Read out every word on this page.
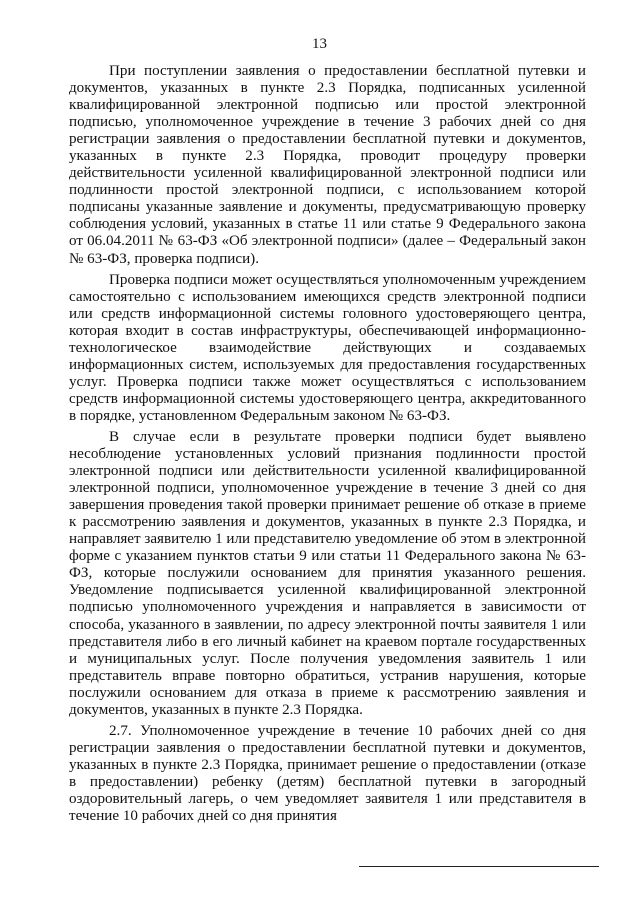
13

При поступлении заявления о предоставлении бесплатной путевки и документов, указанных в пункте 2.3 Порядка, подписанных усиленной квалифицированной электронной подписью или простой электронной подписью, уполномоченное учреждение в течение 3 рабочих дней со дня регистрации заявления о предоставлении бесплатной путевки и документов, указанных в пункте 2.3 Порядка, проводит процедуру проверки действительности усиленной квалифицированной электронной подписи или подлинности простой электронной подписи, с использованием которой подписаны указанные заявление и документы, предусматривающую проверку соблюдения условий, указанных в статье 11 или статье 9 Федерального закона от 06.04.2011 № 63-ФЗ «Об электронной подписи» (далее – Федеральный закон № 63-ФЗ, проверка подписи).

Проверка подписи может осуществляться уполномоченным учреждением самостоятельно с использованием имеющихся средств электронной подписи или средств информационной системы головного удостоверяющего центра, которая входит в состав инфраструктуры, обеспечивающей информационно-технологическое взаимодействие действующих и создаваемых информационных систем, используемых для предоставления государственных услуг. Проверка подписи также может осуществляться с использованием средств информационной системы удостоверяющего центра, аккредитованного в порядке, установленном Федеральным законом № 63-ФЗ.

В случае если в результате проверки подписи будет выявлено несоблюдение установленных условий признания подлинности простой электронной подписи или действительности усиленной квалифицированной электронной подписи, уполномоченное учреждение в течение 3 дней со дня завершения проведения такой проверки принимает решение об отказе в приеме к рассмотрению заявления и документов, указанных в пункте 2.3 Порядка, и направляет заявителю 1 или представителю уведомление об этом в электронной форме с указанием пунктов статьи 9 или статьи 11 Федерального закона № 63-ФЗ, которые послужили основанием для принятия указанного решения. Уведомление подписывается усиленной квалифицированной электронной подписью уполномоченного учреждения и направляется в зависимости от способа, указанного в заявлении, по адресу электронной почты заявителя 1 или представителя либо в его личный кабинет на краевом портале государственных и муниципальных услуг. После получения уведомления заявитель 1 или представитель вправе повторно обратиться, устранив нарушения, которые послужили основанием для отказа в приеме к рассмотрению заявления и документов, указанных в пункте 2.3 Порядка.

2.7. Уполномоченное учреждение в течение 10 рабочих дней со дня регистрации заявления о предоставлении бесплатной путевки и документов, указанных в пункте 2.3 Порядка, принимает решение о предоставлении (отказе в предоставлении) ребенку (детям) бесплатной путевки в загородный оздоровительный лагерь, о чем уведомляет заявителя 1 или представителя в течение 10 рабочих дней со дня принятия
